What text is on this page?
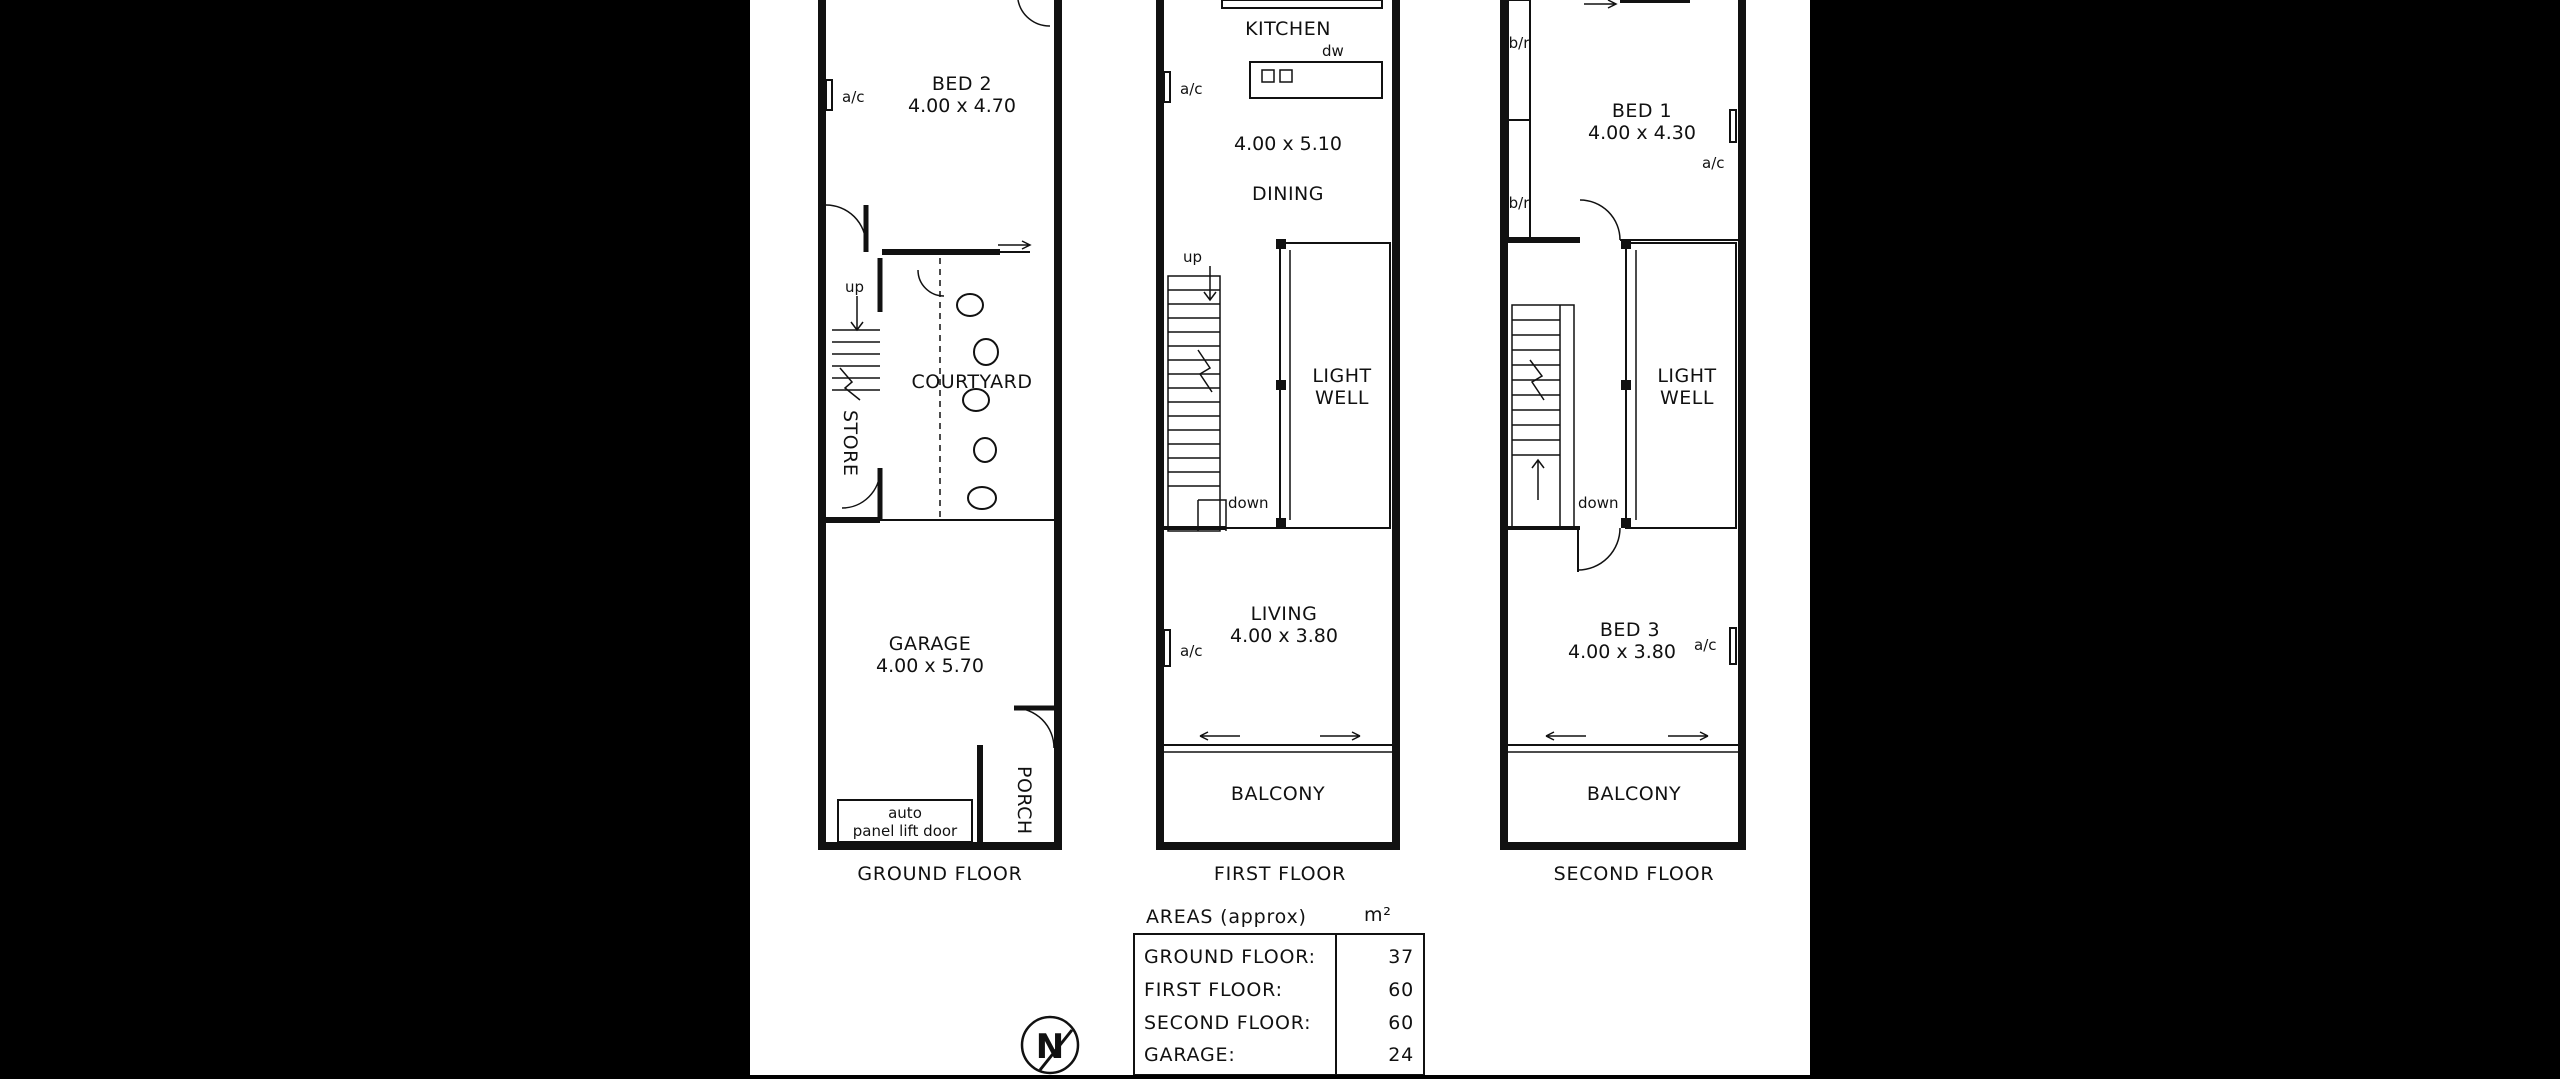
BED 2
4.00 x 4.70
a/c
up
STORE
COURTYARD
GARAGE
4.00 x 5.70
PORCH
auto
panel lift door
GROUND FLOOR
KITCHEN
dw
a/c
4.00 x 5.10
DINING
up
LIGHT
WELL
down
LIVING
4.00 x 3.80
a/c
BALCONY
FIRST FLOOR
b/r
b/r
BED 1
4.00 x 4.30
a/c
LIGHT
WELL
down
BED 3
4.00 x 3.80 a/c
BALCONY
SECOND FLOOR
AREAS (approx)	m²
GROUND FLOOR:	37
FIRST FLOOR:	60
SECOND FLOOR:	60
GARAGE:	24
N
